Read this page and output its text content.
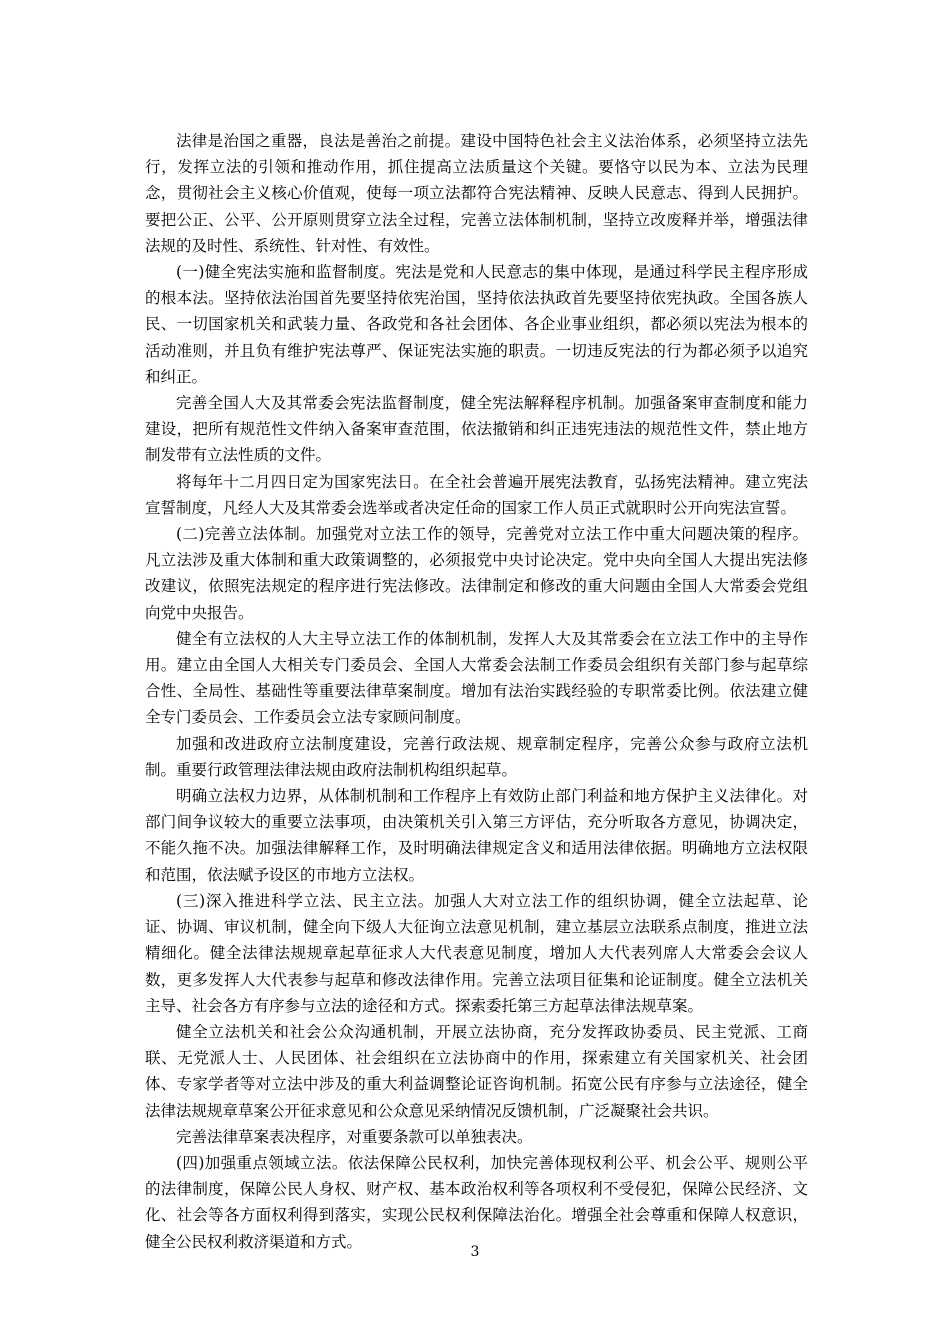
法律是治国之重器，良法是善治之前提。建设中国特色社会主义法治体系，必须坚持立法先行，发挥立法的引领和推动作用，抓住提高立法质量这个关键。要恪守以民为本、立法为民理念，贯彻社会主义核心价值观，使每一项立法都符合宪法精神、反映人民意志、得到人民拥护。要把公正、公平、公开原则贯穿立法全过程，完善立法体制机制，坚持立改废释并举，增强法律法规的及时性、系统性、针对性、有效性。

(一)健全宪法实施和监督制度。宪法是党和人民意志的集中体现，是通过科学民主程序形成的根本法。坚持依法治国首先要坚持依宪治国，坚持依法执政首先要坚持依宪执政。全国各族人民、一切国家机关和武装力量、各政党和各社会团体、各企业事业组织，都必须以宪法为根本的活动准则，并且负有维护宪法尊严、保证宪法实施的职责。一切违反宪法的行为都必须予以追究和纠正。

完善全国人大及其常委会宪法监督制度，健全宪法解释程序机制。加强备案审查制度和能力建设，把所有规范性文件纳入备案审查范围，依法撤销和纠正违宪违法的规范性文件，禁止地方制发带有立法性质的文件。

将每年十二月四日定为国家宪法日。在全社会普遍开展宪法教育，弘扬宪法精神。建立宪法宣誓制度，凡经人大及其常委会选举或者决定任命的国家工作人员正式就职时公开向宪法宣誓。

(二)完善立法体制。加强党对立法工作的领导，完善党对立法工作中重大问题决策的程序。凡立法涉及重大体制和重大政策调整的，必须报党中央讨论决定。党中央向全国人大提出宪法修改建议，依照宪法规定的程序进行宪法修改。法律制定和修改的重大问题由全国人大常委会党组向党中央报告。

健全有立法权的人大主导立法工作的体制机制，发挥人大及其常委会在立法工作中的主导作用。建立由全国人大相关专门委员会、全国人大常委会法制工作委员会组织有关部门参与起草综合性、全局性、基础性等重要法律草案制度。增加有法治实践经验的专职常委比例。依法建立健全专门委员会、工作委员会立法专家顾问制度。

加强和改进政府立法制度建设，完善行政法规、规章制定程序，完善公众参与政府立法机制。重要行政管理法律法规由政府法制机构组织起草。

明确立法权力边界，从体制机制和工作程序上有效防止部门利益和地方保护主义法律化。对部门间争议较大的重要立法事项，由决策机关引入第三方评估，充分听取各方意见，协调决定，不能久拖不决。加强法律解释工作，及时明确法律规定含义和适用法律依据。明确地方立法权限和范围，依法赋予设区的市地方立法权。

(三)深入推进科学立法、民主立法。加强人大对立法工作的组织协调，健全立法起草、论证、协调、审议机制，健全向下级人大征询立法意见机制，建立基层立法联系点制度，推进立法精细化。健全法律法规规章起草征求人大代表意见制度，增加人大代表列席人大常委会会议人数，更多发挥人大代表参与起草和修改法律作用。完善立法项目征集和论证制度。健全立法机关主导、社会各方有序参与立法的途径和方式。探索委托第三方起草法律法规草案。

健全立法机关和社会公众沟通机制，开展立法协商，充分发挥政协委员、民主党派、工商联、无党派人士、人民团体、社会组织在立法协商中的作用，探索建立有关国家机关、社会团体、专家学者等对立法中涉及的重大利益调整论证咨询机制。拓宽公民有序参与立法途径，健全法律法规规章草案公开征求意见和公众意见采纳情况反馈机制，广泛凝聚社会共识。

完善法律草案表决程序，对重要条款可以单独表决。

(四)加强重点领域立法。依法保障公民权利，加快完善体现权利公平、机会公平、规则公平的法律制度，保障公民人身权、财产权、基本政治权利等各项权利不受侵犯，保障公民经济、文化、社会等各方面权利得到落实，实现公民权利保障法治化。增强全社会尊重和保障人权意识，健全公民权利救济渠道和方式。

3
